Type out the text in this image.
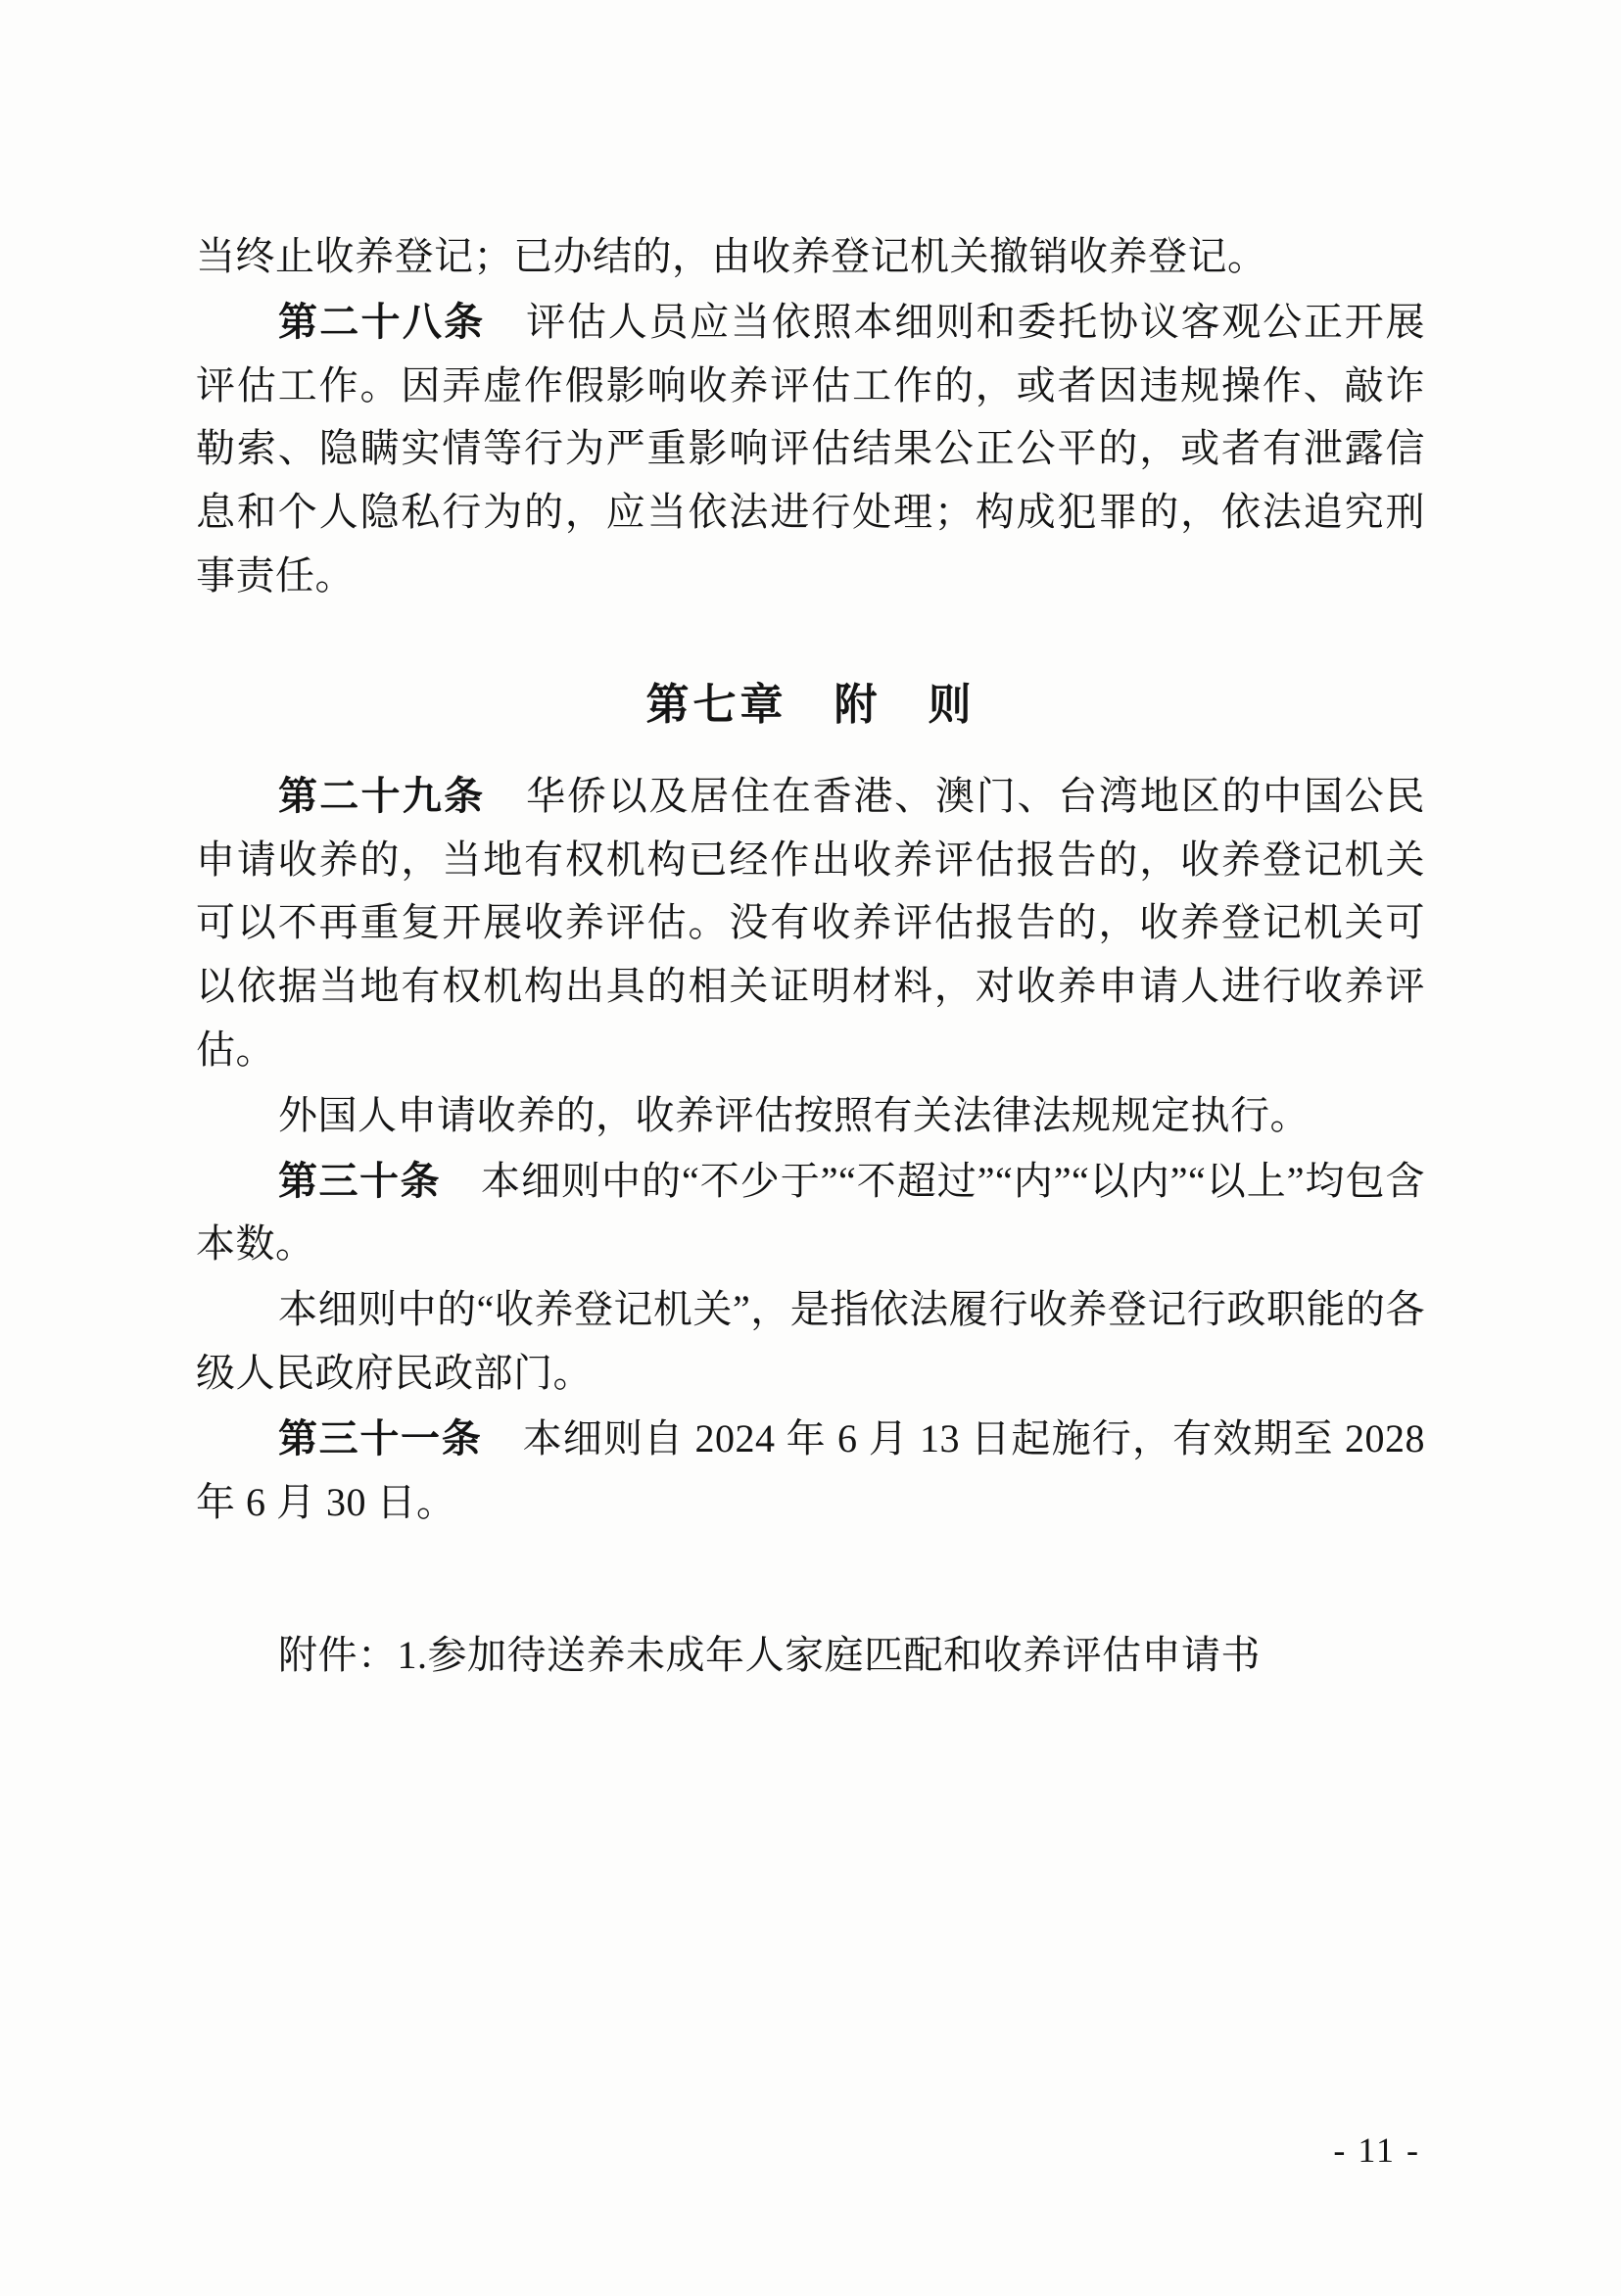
当终止收养登记；已办结的，由收养登记机关撤销收养登记。

第二十八条　 评估人员应当依照本细则和委托协议客观公正开展评估工作。因弄虚作假影响收养评估工作的，或者因违规操作、敲诈勒索、隐瞒实情等行为严重影响评估结果公正公平的，或者有泄露信息和个人隐私行为的，应当依法进行处理；构成犯罪的，依法追究刑事责任。

第七章　附　则

第二十九条　 华侨以及居住在香港、澳门、台湾地区的中国公民申请收养的，当地有权机构已经作出收养评估报告的，收养登记机关可以不再重复开展收养评估。没有收养评估报告的，收养登记机关可以依据当地有权机构出具的相关证明材料，对收养申请人进行收养评估。

外国人申请收养的，收养评估按照有关法律法规规定执行。

第三十条　 本细则中的“不少于”“不超过”“内”“以内”“以上”均包含本数。

本细则中的“收养登记机关”，是指依法履行收养登记行政职能的各级人民政府民政部门。

第三十一条　 本细则自 2024 年 6 月 13 日起施行，有效期至 2028 年 6 月 30 日。

附件：1.参加待送养未成年人家庭匹配和收养评估申请书

- 11 -
